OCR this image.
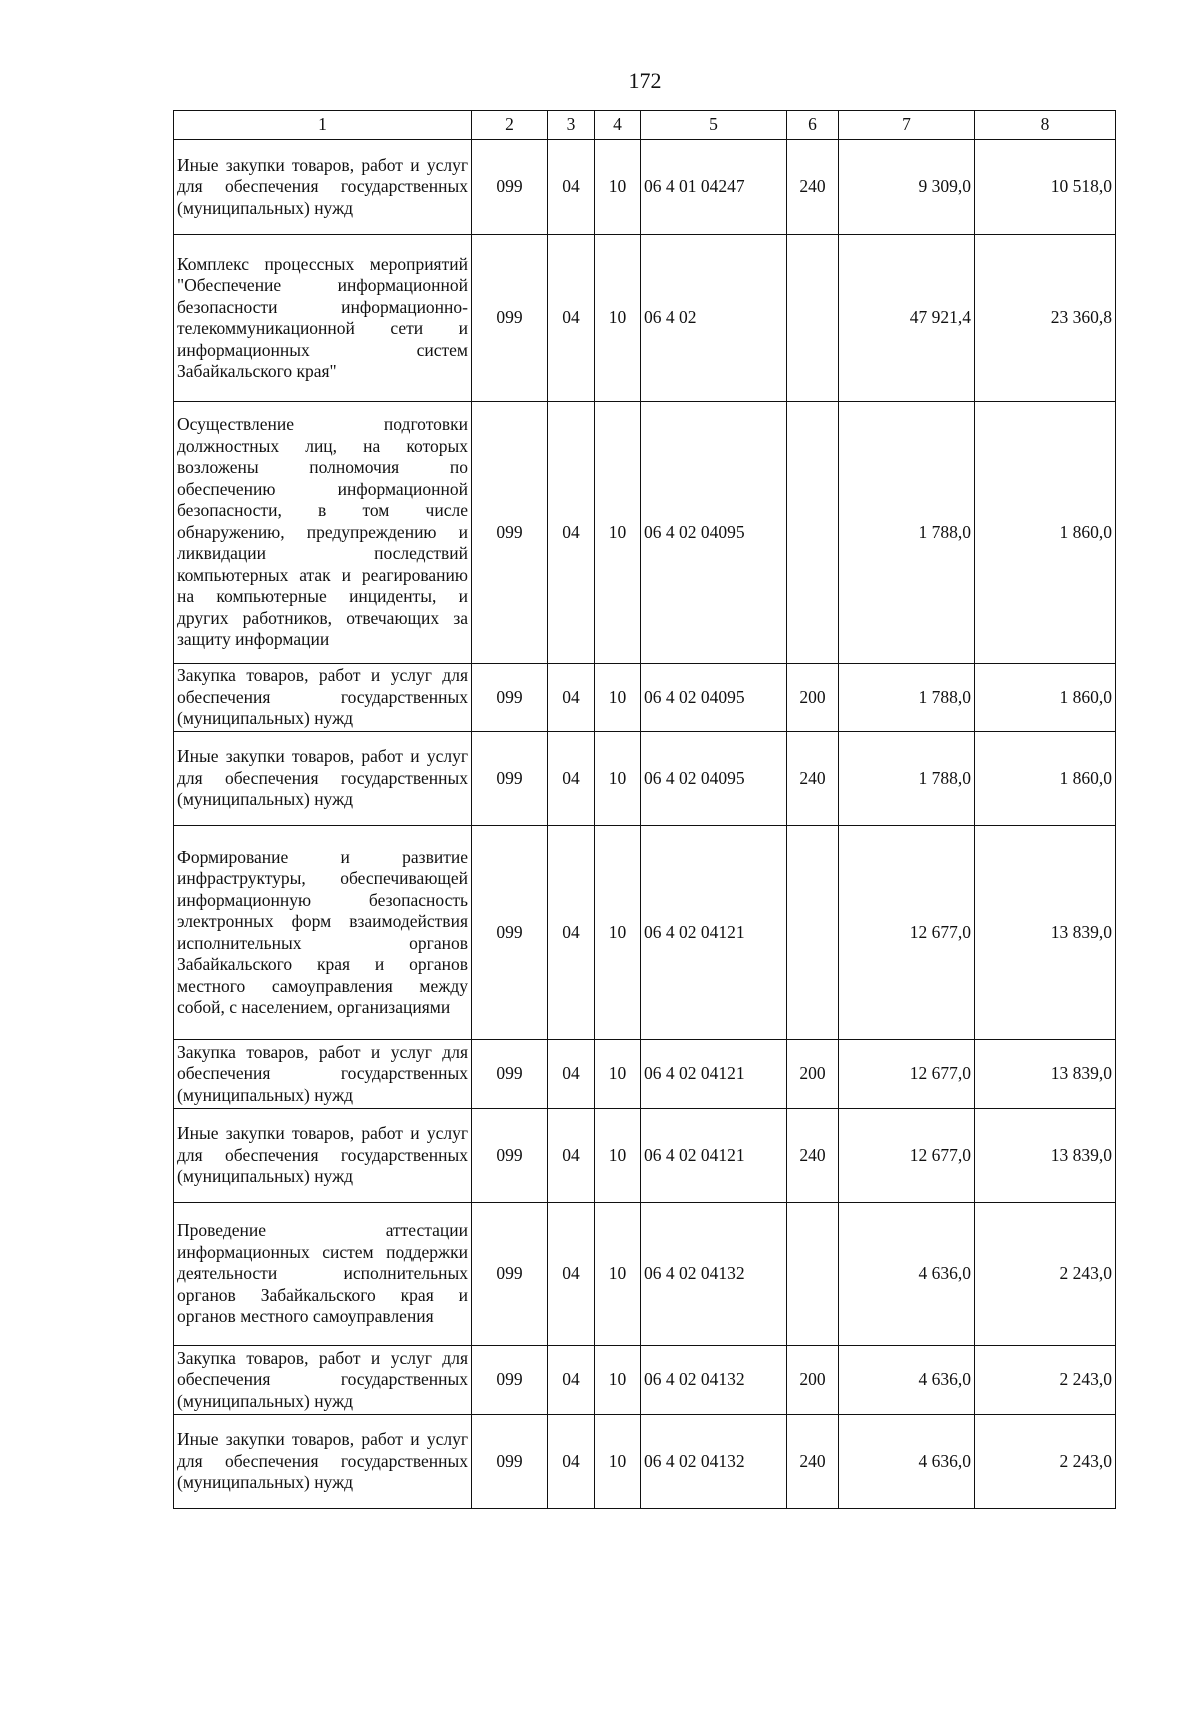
172
1	2	3	4	5	6	7	8
Иные закупки товаров, работ и услуг для обеспечения государственных (муниципальных) нужд	099	04	10	06 4 01 04247	240	9 309,0	10 518,0
Комплекс процессных мероприятий "Обеспечение информационной безопасности информационно-телекоммуникационной сети и информационных систем Забайкальского края"	099	04	10	06 4 02		47 921,4	23 360,8
Осуществление подготовки должностных лиц, на которых возложены полномочия по обеспечению информационной безопасности, в том числе обнаружению, предупреждению и ликвидации последствий компьютерных атак и реагированию на компьютерные инциденты, и других работников, отвечающих за защиту информации	099	04	10	06 4 02 04095		1 788,0	1 860,0
Закупка товаров, работ и услуг для обеспечения государственных (муниципальных) нужд	099	04	10	06 4 02 04095	200	1 788,0	1 860,0
Иные закупки товаров, работ и услуг для обеспечения государственных (муниципальных) нужд	099	04	10	06 4 02 04095	240	1 788,0	1 860,0
Формирование и развитие инфраструктуры, обеспечивающей информационную безопасность электронных форм взаимодействия исполнительных органов Забайкальского края и органов местного самоуправления между собой, с населением, организациями	099	04	10	06 4 02 04121		12 677,0	13 839,0
Закупка товаров, работ и услуг для обеспечения государственных (муниципальных) нужд	099	04	10	06 4 02 04121	200	12 677,0	13 839,0
Иные закупки товаров, работ и услуг для обеспечения государственных (муниципальных) нужд	099	04	10	06 4 02 04121	240	12 677,0	13 839,0
Проведение аттестации информационных систем поддержки деятельности исполнительных органов Забайкальского края и органов местного самоуправления	099	04	10	06 4 02 04132		4 636,0	2 243,0
Закупка товаров, работ и услуг для обеспечения государственных (муниципальных) нужд	099	04	10	06 4 02 04132	200	4 636,0	2 243,0
Иные закупки товаров, работ и услуг для обеспечения государственных (муниципальных) нужд	099	04	10	06 4 02 04132	240	4 636,0	2 243,0
